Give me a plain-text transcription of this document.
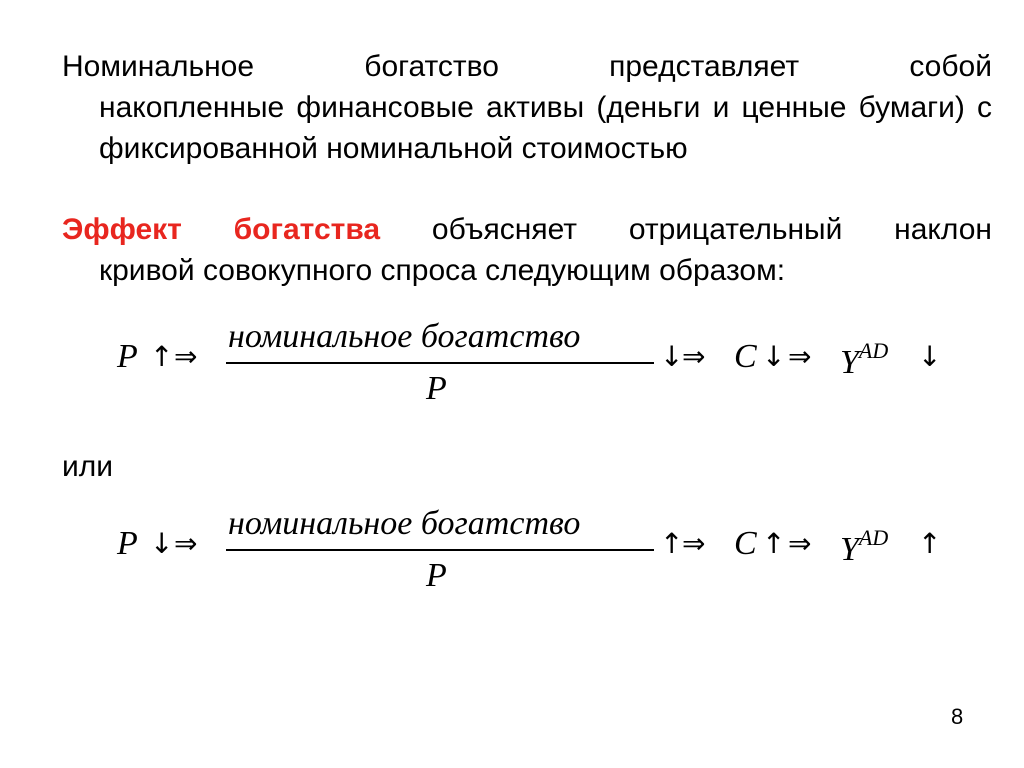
Номинальное богатство представляет собой
накопленные финансовые активы (деньги и ценные бумаги) с фиксированной номинальной стоимостью
Эффект богатства объясняет отрицательный наклон
кривой совокупного спроса следующим образом:
P ↑ ⇒
номинальное богатство
P
↓
⇒ C ↓ ⇒ $Y^{AD}$ ↓
или
P ↓ ⇒
номинальное богатство
P
↑
⇒ C ↑ ⇒ $Y^{AD}$ ↑
8
